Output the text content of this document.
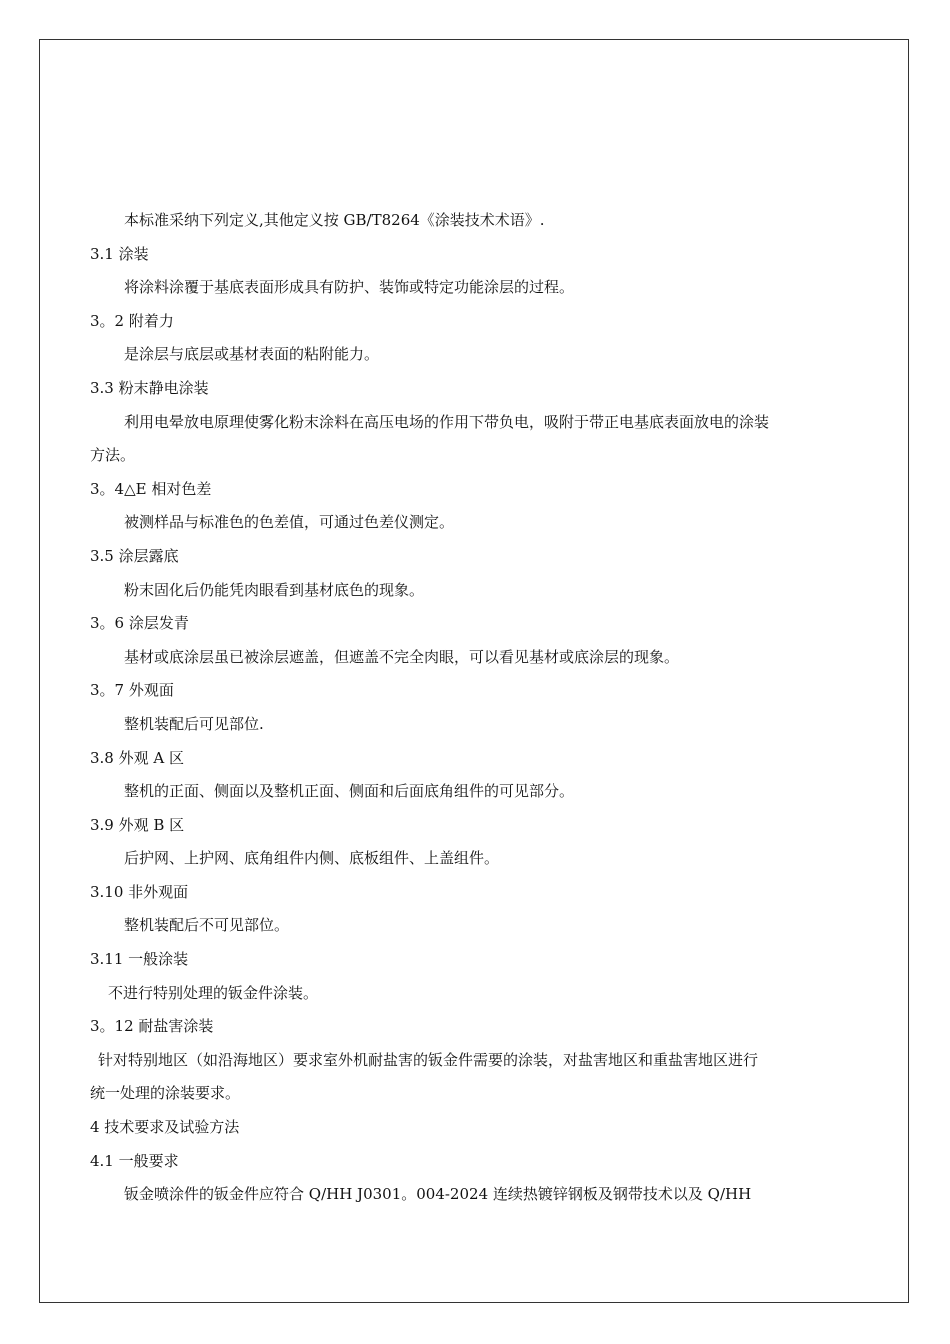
本标准采纳下列定义,其他定义按 GB/T8264《涂装技术术语》.
3.1 涂装
将涂料涂覆于基底表面形成具有防护、装饰或特定功能涂层的过程。
3。2 附着力
是涂层与底层或基材表面的粘附能力。
3.3 粉末静电涂装
利用电晕放电原理使雾化粉末涂料在高压电场的作用下带负电，吸附于带正电基底表面放电的涂装
方法。
3。4△E 相对色差
被测样品与标准色的色差值，可通过色差仪测定。
3.5 涂层露底
粉末固化后仍能凭肉眼看到基材底色的现象。
3。6 涂层发青
基材或底涂层虽已被涂层遮盖，但遮盖不完全肉眼，可以看见基材或底涂层的现象。
3。7 外观面
整机装配后可见部位.
3.8 外观 A 区
整机的正面、侧面以及整机正面、侧面和后面底角组件的可见部分。
3.9 外观 B 区
后护网、上护网、底角组件内侧、底板组件、上盖组件。
3.10 非外观面
整机装配后不可见部位。
3.11 一般涂装
不进行特别处理的钣金件涂装。
3。12 耐盐害涂装
针对特别地区（如沿海地区）要求室外机耐盐害的钣金件需要的涂装，对盐害地区和重盐害地区进行
统一处理的涂装要求。
4 技术要求及试验方法
4.1 一般要求
钣金喷涂件的钣金件应符合 Q/HH J0301。004-2024 连续热镀锌钢板及钢带技术以及 Q/HH
